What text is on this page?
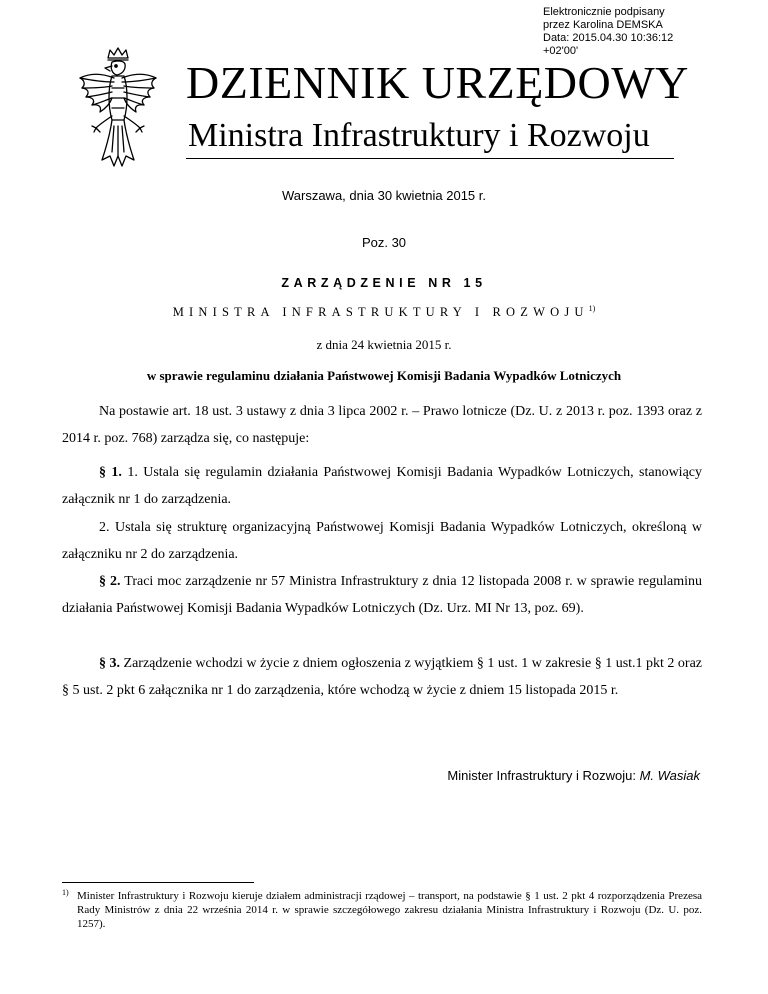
Elektronicznie podpisany
przez Karolina DEMSKA
Data: 2015.04.30 10:36:12
+02'00'
DZIENNIK URZĘDOWY
Ministra Infrastruktury i Rozwoju
Warszawa, dnia 30 kwietnia 2015 r.
Poz. 30
ZARZĄDZENIE NR 15
MINISTRA INFRASTRUKTURY I ROZWOJU$^{1)}$
z dnia 24 kwietnia 2015 r.
w sprawie regulaminu działania Państwowej Komisji Badania Wypadków Lotniczych

Na postawie art. 18 ust. 3 ustawy z dnia 3 lipca 2002 r. – Prawo lotnicze (Dz. U. z 2013 r. poz. 1393 oraz z 2014 r. poz. 768) zarządza się, co następuje:

§ 1. 1. Ustala się regulamin działania Państwowej Komisji Badania Wypadków Lotniczych, stanowiący załącznik nr 1 do zarządzenia.

2. Ustala się strukturę organizacyjną Państwowej Komisji Badania Wypadków Lotniczych, określoną w załączniku nr 2 do zarządzenia.

§ 2. Traci moc zarządzenie nr 57 Ministra Infrastruktury z dnia 12 listopada 2008 r. w sprawie regulaminu działania Państwowej Komisji Badania Wypadków Lotniczych (Dz. Urz. MI Nr 13, poz. 69).

§ 3. Zarządzenie wchodzi w życie z dniem ogłoszenia z wyjątkiem § 1 ust. 1 w zakresie § 1 ust.1 pkt 2 oraz § 5 ust. 2 pkt 6 załącznika nr 1 do zarządzenia, które wchodzą w życie z dniem 15 listopada 2015 r.

Minister Infrastruktury i Rozwoju: M. Wasiak
1) Minister Infrastruktury i Rozwoju kieruje działem administracji rządowej – transport, na podstawie § 1 ust. 2 pkt 4 rozporządzenia Prezesa Rady Ministrów z dnia 22 września 2014 r. w sprawie szczegółowego zakresu działania Ministra Infrastruktury i Rozwoju (Dz. U. poz. 1257).
